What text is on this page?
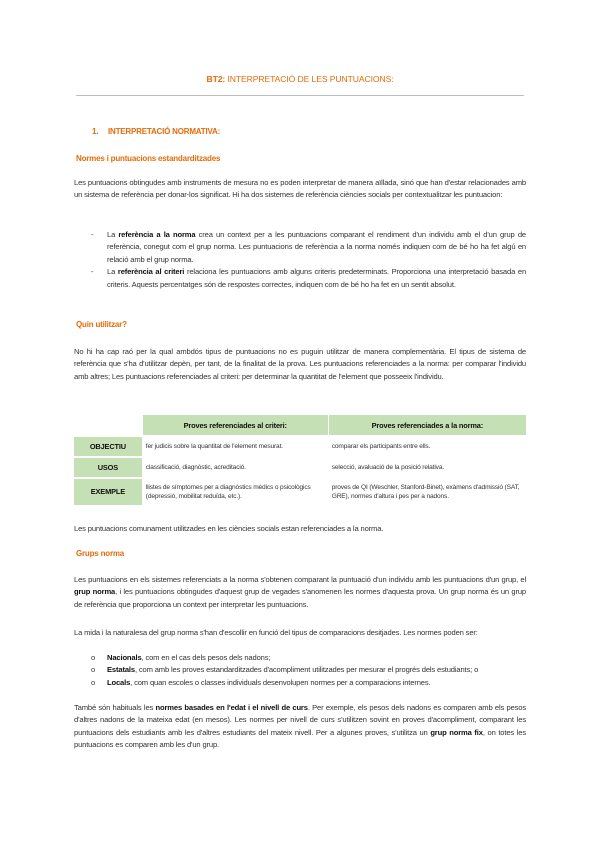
BT2: INTERPRETACIÓ DE LES PUNTUACIONS:
1. INTERPRETACIÓ NORMATIVA:
Normes i puntuacions estandarditzades
Les puntuacions obtingudes amb instruments de mesura no es poden interpretar de manera aïllada, sinó que han d'estar relacionades amb un sistema de referència per donar-los significat. Hi ha dos sistemes de referència ciències socials per contextualitzar les puntuacion:
- La referència a la norma crea un context per a les puntuacions comparant el rendiment d'un individu amb el d'un grup de referència, conegut com el grup norma. Les puntuacions de referència a la norma només indiquen com de bé ho ha fet algú en relació amb el grup norma.
- La referència al criteri relaciona les puntuacions amb alguns criteris predeterminats. Proporciona una interpretació basada en criteris. Aquests percentatges són de respostes correctes, indiquen com de bé ho ha fet en un sentit absolut.
Quin utilitzar?
No hi ha cap raó per la qual ambdós tipus de puntuacions no es puguin utilitzar de manera complementària. El tipus de sistema de referència que s'ha d'utilitzar depèn, per tant, de la finalitat de la prova. Les puntuacions referenciades a la norma: per comparar l'individu amb altres; Les puntuacions referenciades al criteri: per determinar la quantitat de l'element que posseeix l'individu.
	Proves referenciades al criteri:	Proves referenciades a la norma:
OBJECTIU	fer judicis sobre la quantitat de l'element mesurat.	comparar els participants entre ells.
USOS	classificació, diagnòstic, acreditació.	selecció, avaluació de la posició relativa.
EXEMPLE	llistes de símptomes per a diagnòstics mèdics o psicològics (depressió, mobilitat reduïda, etc.).	proves de QI (Weschler, Stanford-Binet), exàmens d'admissió (SAT, GRE), normes d'altura i pes per a nadons.
Les puntuacions comunament utilitzades en les ciències socials estan referenciades a la norma.
Grups norma
Les puntuacions en els sistemes referenciats a la norma s'obtenen comparant la puntuació d'un individu amb les puntuacions d'un grup, el grup norma, i les puntuacions obtingudes d'aquest grup de vegades s'anomenen les normes d'aquesta prova. Un grup norma és un grup de referència que proporciona un context per interpretar les puntuacions.
La mida i la naturalesa del grup norma s'han d'escollir en funció del tipus de comparacions desitjades. Les normes poden ser:
o Nacionals, com en el cas dels pesos dels nadons;
o Estatals, com amb les proves estandarditzades d'acompliment utilitzades per mesurar el progrés dels estudiants; o
o Locals, com quan escoles o classes individuals desenvolupen normes per a comparacions internes.
També són habituals les normes basades en l'edat i el nivell de curs. Per exemple, els pesos dels nadons es comparen amb els pesos d'altres nadons de la mateixa edat (en mesos). Les normes per nivell de curs s'utilitzen sovint en proves d'acompliment, comparant les puntuacions dels estudiants amb les d'altres estudiants del mateix nivell. Per a algunes proves, s'utilitza un grup norma fix, on totes les puntuacions es comparen amb les d'un grup.
